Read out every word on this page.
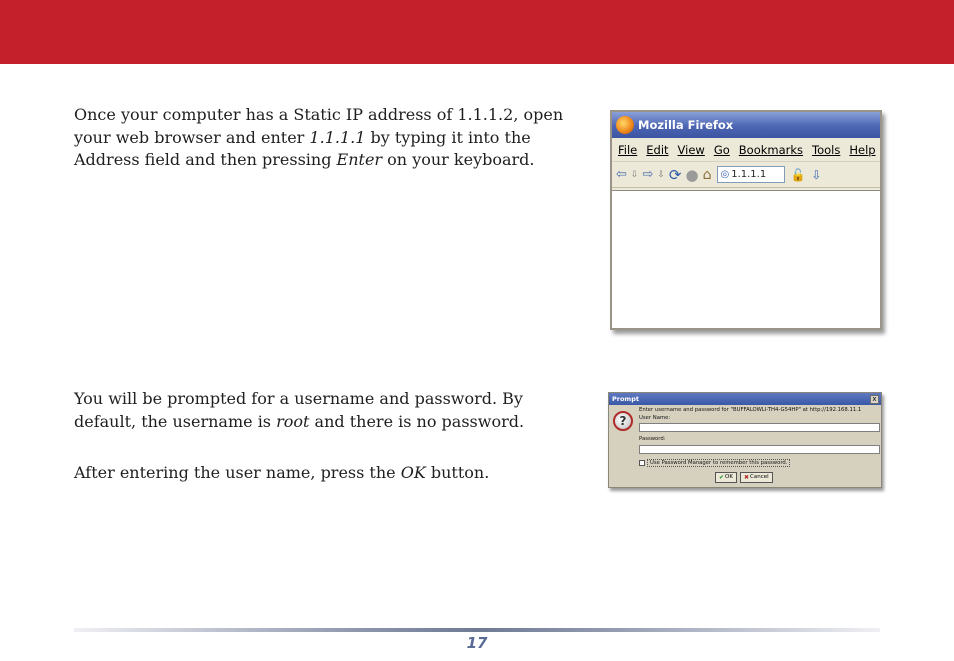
Once your computer has a Static IP address of 1.1.1.2, open your web browser and enter 1.1.1.1 by typing it into the Address field and then pressing Enter on your keyboard.

You will be prompted for a username and password. By default, the username is root and there is no password.

After entering the user name, press the OK button.

Mozilla Firefox
File Edit View Go Bookmarks Tools Help
⇦ ⇩ ⇨ ⇩ ⟳ ● ⌂ ◎ 1.1.1.1 🔓 ⇩
Prompt	x
?
Enter username and password for "BUFFALOWLI-TH4-G54HP" at http://192.168.11.1
User Name:
Password:
Use Password Manager to remember this password.
✔ OK ✖ Cancel
17
